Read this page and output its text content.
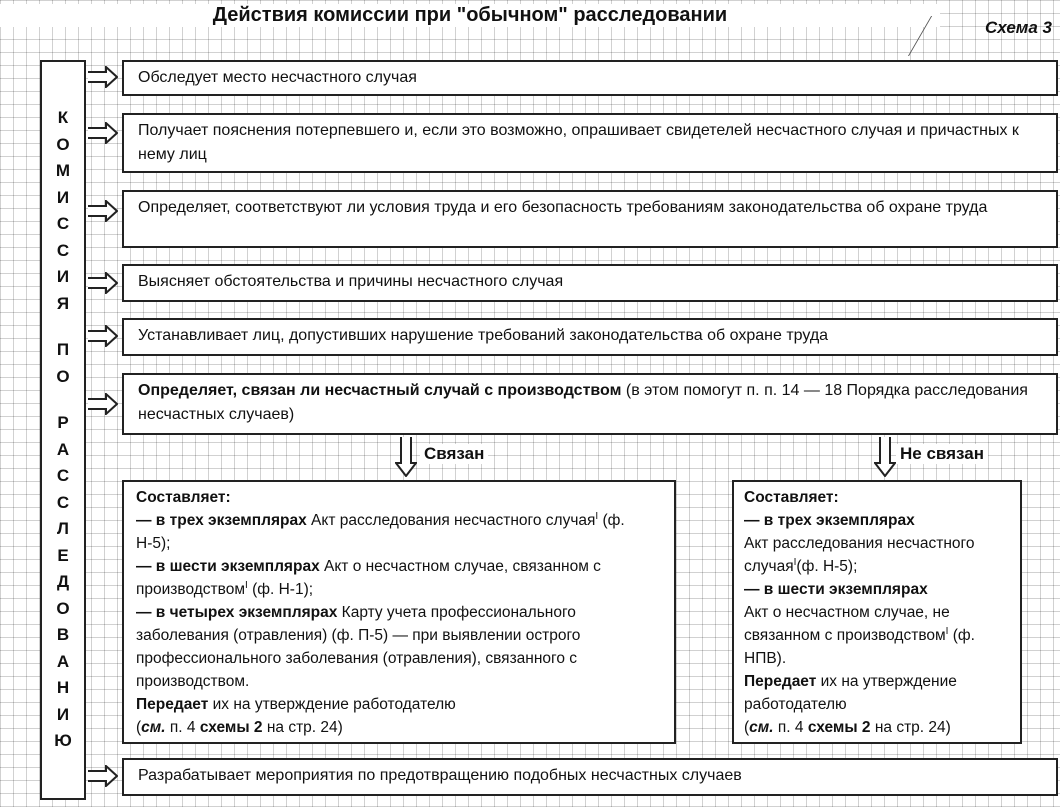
Действия комиссии при "обычном" расследовании
Схема 3
К
О
М
И
С
С
И
Я
П
О
Р
А
С
С
Л
Е
Д
О
В
А
Н
И
Ю
Обследует место несчастного случая
Получает пояснения потерпевшего и, если это возможно, опрашивает свидетелей несчастного случая и причастных к нему лиц
Определяет, соответствуют ли условия труда и его безопасность требованиям законодательства об охране труда
Выясняет обстоятельства и причины несчастного случая
Устанавливает лиц, допустивших нарушение требований законодательства об охране труда
Определяет, связан ли несчастный случай с производством (в этом помогут п. п. 14 — 18 Порядка расследования несчастных случаев)
Связан	Не связан
Составляет:
— в трех экземплярах Акт расследования несчастного случая$^I$ (ф. Н-5);
— в шести экземплярах Акт о несчастном случае, связанном с производством$^I$ (ф. Н-1);
— в четырех экземплярах Карту учета профессионального заболевания (отравления) (ф. П-5) — при выявлении острого профессионального заболевания (отравления), связанного с производством.
Передает их на утверждение работодателю
(см. п. 4 схемы 2 на стр. 24)
Составляет:
— в трех экземплярах
Акт расследования несчастного случая$^I$(ф. Н-5);
— в шести экземплярах
Акт о несчастном случае, не связанном с производством$^I$ (ф. НПВ).
Передает их на утверждение работодателю
(см. п. 4 схемы 2 на стр. 24)
Разрабатывает мероприятия по предотвращению подобных несчастных случаев
